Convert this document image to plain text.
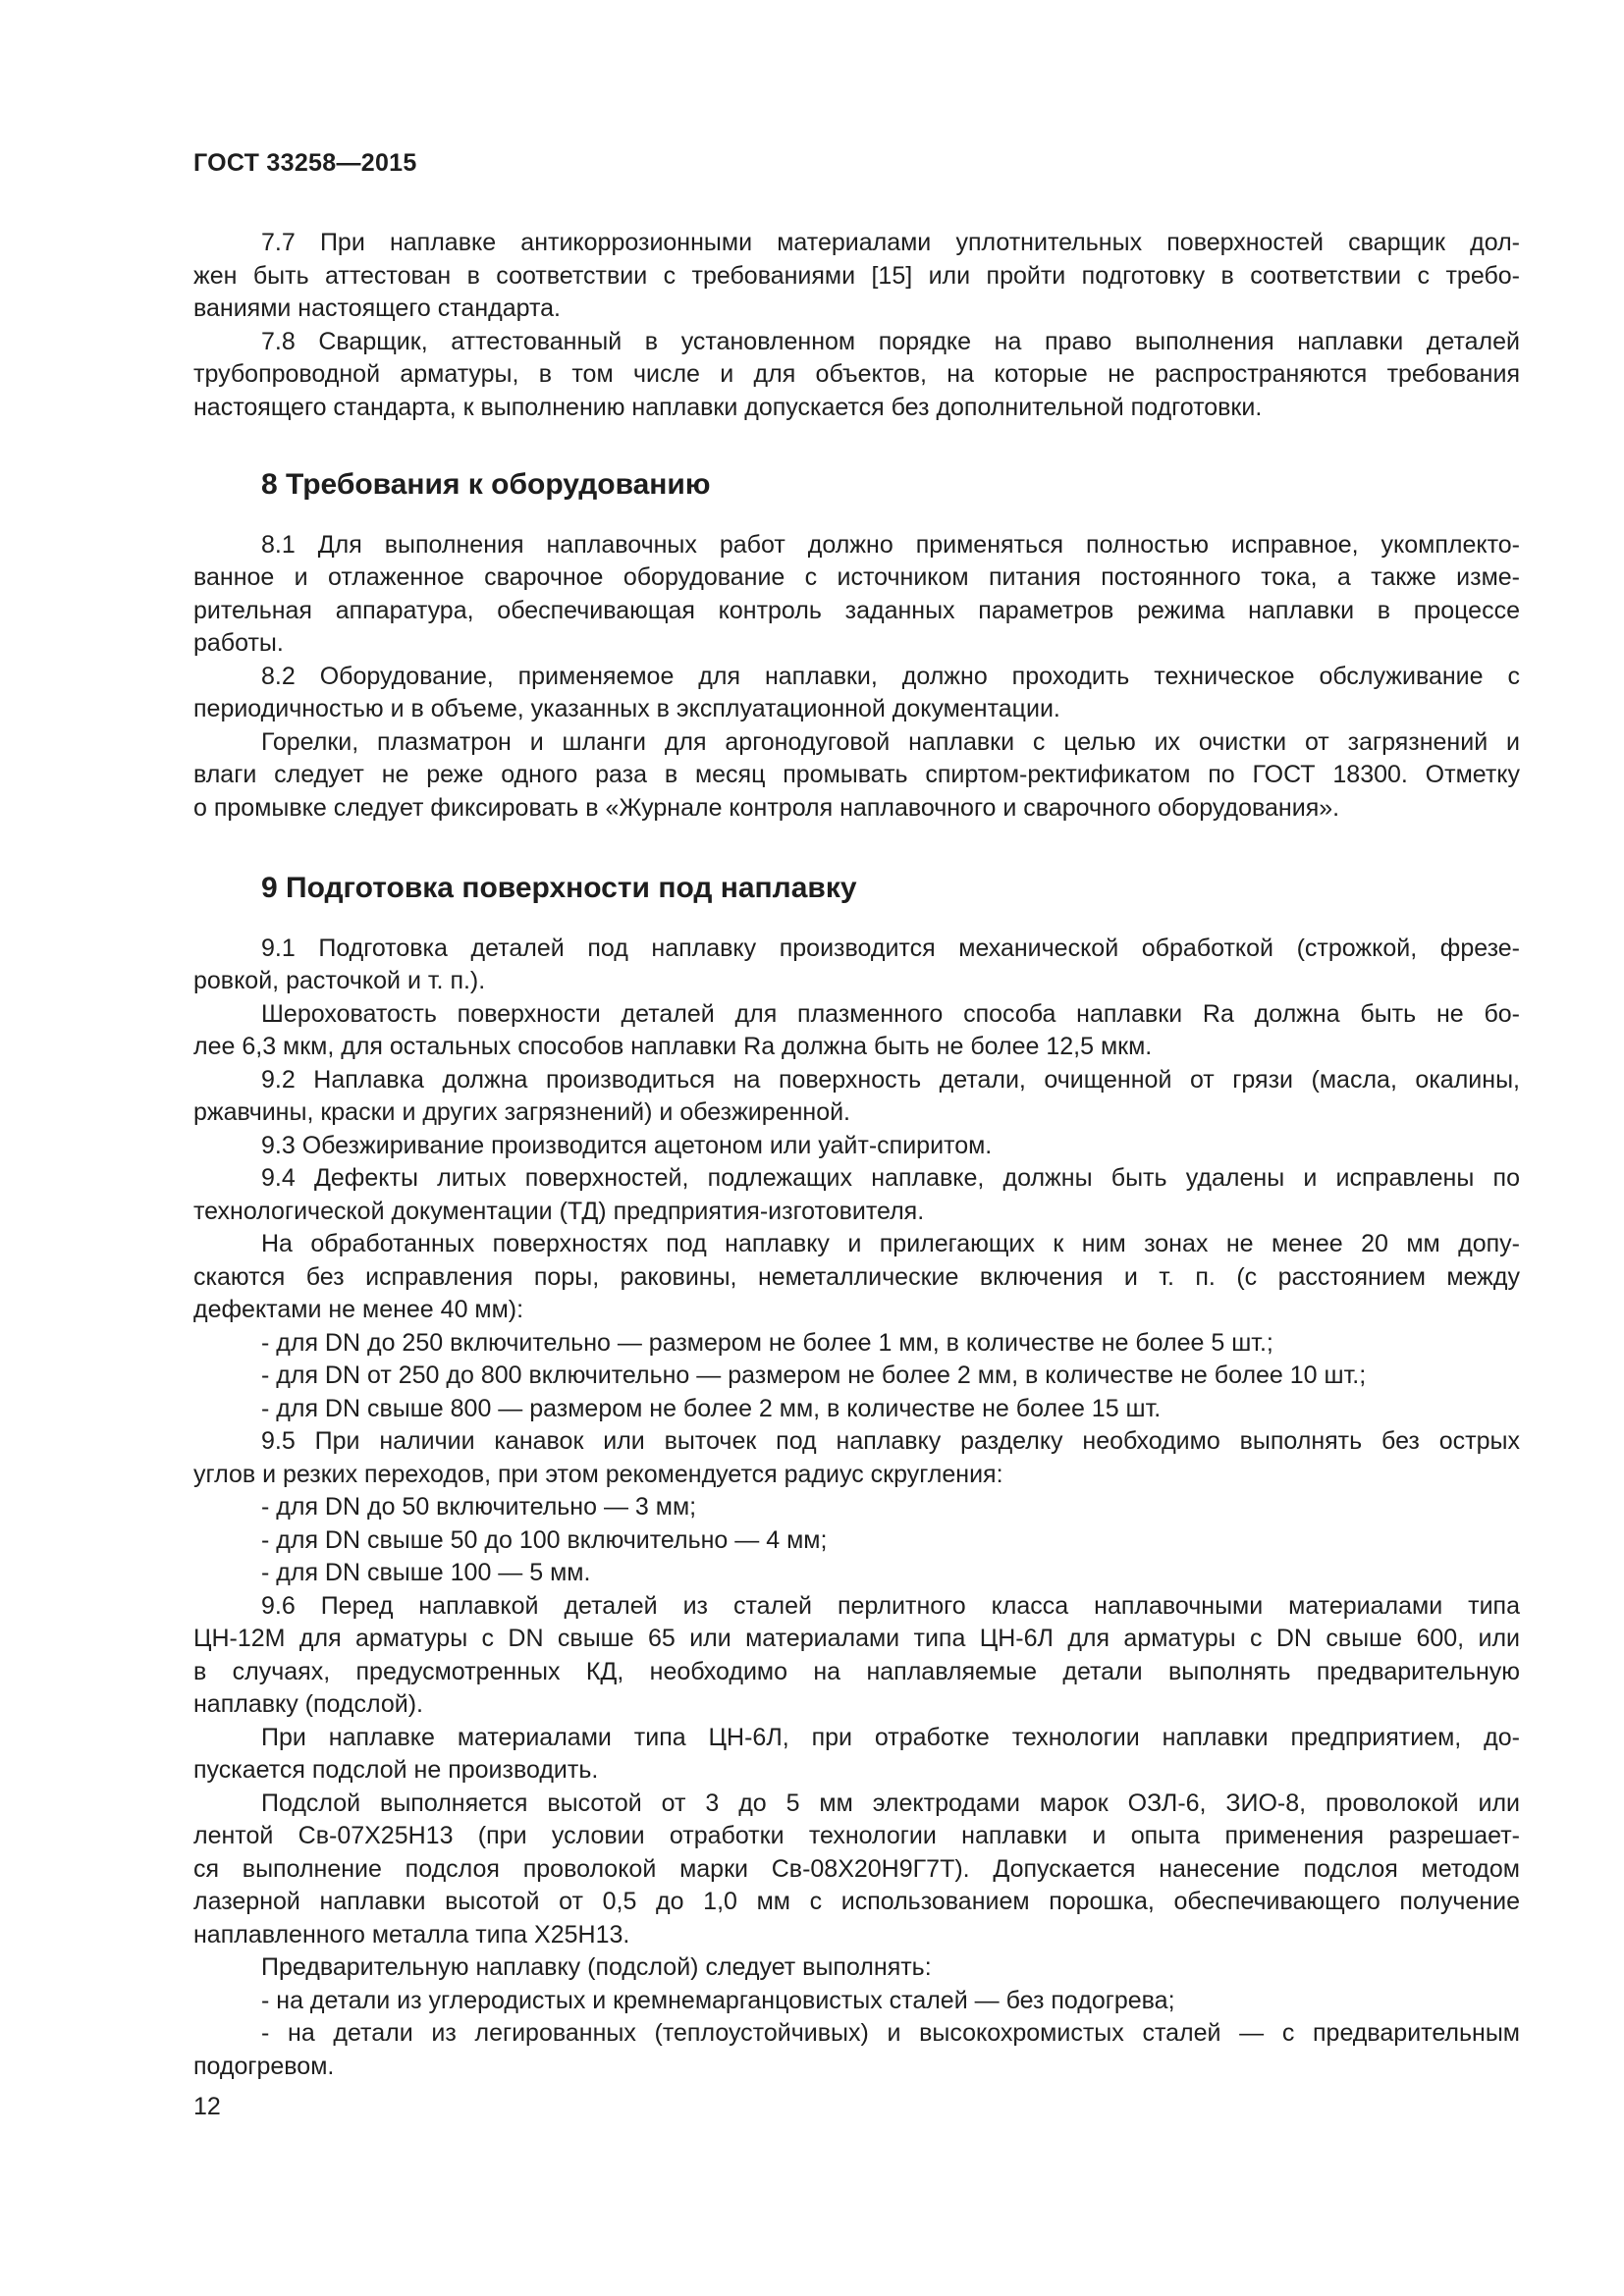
ГОСТ 33258—2015
7.7 При наплавке антикоррозионными материалами уплотнительных поверхностей сварщик дол-
жен быть аттестован в соответствии с требованиями [15] или пройти подготовку в соответствии с требо-
ваниями настоящего стандарта.
7.8 Сварщик, аттестованный в установленном порядке на право выполнения наплавки деталей
трубопроводной арматуры, в том числе и для объектов, на которые не распространяются требования
настоящего стандарта, к выполнению наплавки допускается без дополнительной подготовки.
8 Требования к оборудованию
8.1 Для выполнения наплавочных работ должно применяться полностью исправное, укомплекто-
ванное и отлаженное сварочное оборудование с источником питания постоянного тока, а также изме-
рительная аппаратура, обеспечивающая контроль заданных параметров режима наплавки в процессе
работы.
8.2 Оборудование, применяемое для наплавки, должно проходить техническое обслуживание с
периодичностью и в объеме, указанных в эксплуатационной документации.
Горелки, плазматрон и шланги для аргонодуговой наплавки с целью их очистки от загрязнений и
влаги следует не реже одного раза в месяц промывать спиртом-ректификатом по ГОСТ 18300. Отметку
о промывке следует фиксировать в «Журнале контроля наплавочного и сварочного оборудования».
9 Подготовка поверхности под наплавку
9.1 Подготовка деталей под наплавку производится механической обработкой (строжкой, фрезе-
ровкой, расточкой и т. п.).
Шероховатость поверхности деталей для плазменного способа наплавки Ra должна быть не бо-
лее 6,3 мкм, для остальных способов наплавки Ra должна быть не более 12,5 мкм.
9.2 Наплавка должна производиться на поверхность детали, очищенной от грязи (масла, окалины,
ржавчины, краски и других загрязнений) и обезжиренной.
9.3 Обезжиривание производится ацетоном или уайт-спиритом.
9.4 Дефекты литых поверхностей, подлежащих наплавке, должны быть удалены и исправлены по
технологической документации (ТД) предприятия-изготовителя.
На обработанных поверхностях под наплавку и прилегающих к ним зонах не менее 20 мм допу-
скаются без исправления поры, раковины, неметаллические включения и т. п. (с расстоянием между
дефектами не менее 40 мм):
- для DN до 250 включительно — размером не более 1 мм, в количестве не более 5 шт.;
- для DN от 250 до 800 включительно — размером не более 2 мм, в количестве не более 10 шт.;
- для DN свыше 800 — размером не более 2 мм, в количестве не более 15 шт.
9.5 При наличии канавок или выточек под наплавку разделку необходимо выполнять без острых
углов и резких переходов, при этом рекомендуется радиус скругления:
- для DN до 50 включительно — 3 мм;
- для DN свыше 50 до 100 включительно — 4 мм;
- для DN свыше 100 — 5 мм.
9.6 Перед наплавкой деталей из сталей перлитного класса наплавочными материалами типа
ЦН-12М для арматуры с DN свыше 65 или материалами типа ЦН-6Л для арматуры с DN свыше 600, или
в случаях, предусмотренных КД, необходимо на наплавляемые детали выполнять предварительную
наплавку (подслой).
При наплавке материалами типа ЦН-6Л, при отработке технологии наплавки предприятием, до-
пускается подслой не производить.
Подслой выполняется высотой от 3 до 5 мм электродами марок ОЗЛ-6, ЗИО-8, проволокой или
лентой Св-07Х25Н13 (при условии отработки технологии наплавки и опыта применения разрешает-
ся выполнение подслоя проволокой марки Св-08Х20Н9Г7Т). Допускается нанесение подслоя методом
лазерной наплавки высотой от 0,5 до 1,0 мм с использованием порошка, обеспечивающего получение
наплавленного металла типа Х25Н13.
Предварительную наплавку (подслой) следует выполнять:
- на детали из углеродистых и кремнемарганцовистых сталей — без подогрева;
- на детали из легированных (теплоустойчивых) и высокохромистых сталей — с предварительным
подогревом.
12
